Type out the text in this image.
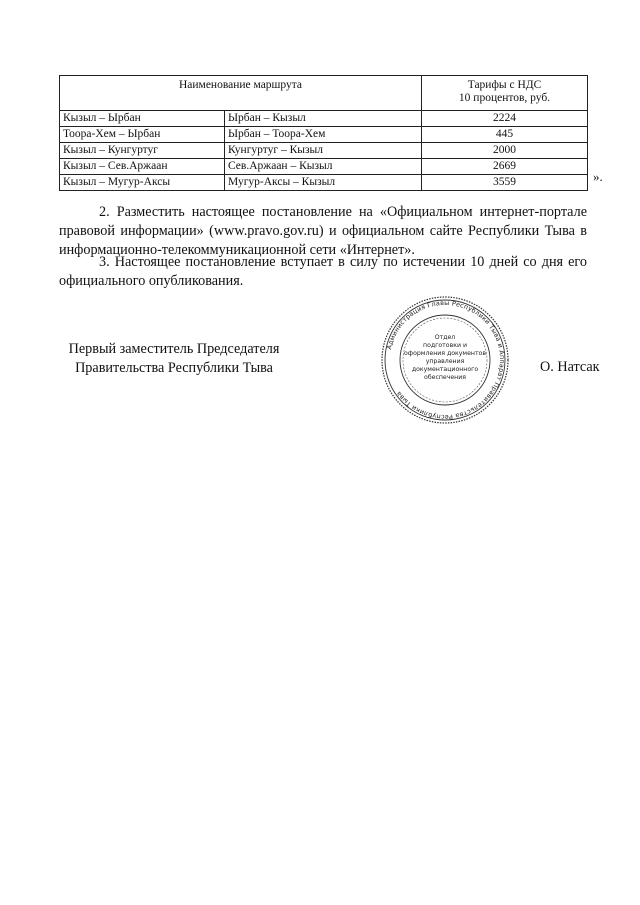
Наименование маршрута		Тарифы с НДС
10 процентов, руб.
Кызыл – Ырбан	Ырбан – Кызыл	2224
Тоора-Хем – Ырбан	Ырбан – Тоора-Хем	445
Кызыл – Кунгуртуг	Кунгуртуг – Кызыл	2000
Кызыл – Сев.Аржаан	Сев.Аржаан – Кызыл	2669
Кызыл – Мугур-Аксы	Мугур-Аксы – Кызыл	3559	».

2. Разместить настоящее постановление на «Официальном интернет-портале правовой информации» (www.pravo.gov.ru) и официальном сайте Республики Тыва в информационно-телекоммуникационной сети «Интернет».

3. Настоящее постановление вступает в силу по истечении 10 дней со дня его официального опубликования.

Первый заместитель Председателя
Правительства Республики Тыва
Администрация Главы Республики Тыва и Аппарат Правительства Республики Тыва
Отдел
подготовки и
оформления документов
управления
документационного
обеспечения
О. Натсак
